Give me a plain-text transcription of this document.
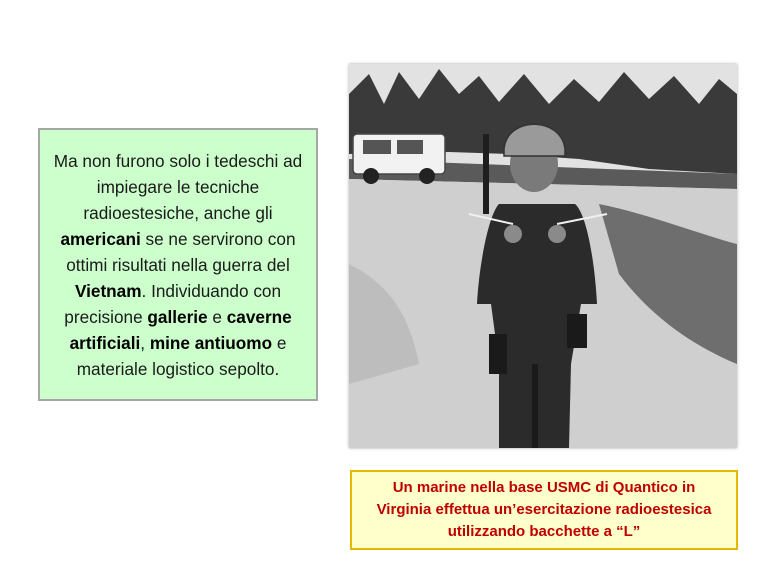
Ma non furono solo i tedeschi ad impiegare le tecniche radioestesiche, anche gli americani se ne servirono con ottimi risultati nella guerra del Vietnam. Individuando con precisione gallerie e caverne artificiali, mine antiuomo e materiale logistico sepolto.

Un marine nella base USMC di Quantico in Virginia effettua un’esercitazione radioestesica utilizzando bacchette a “L”
